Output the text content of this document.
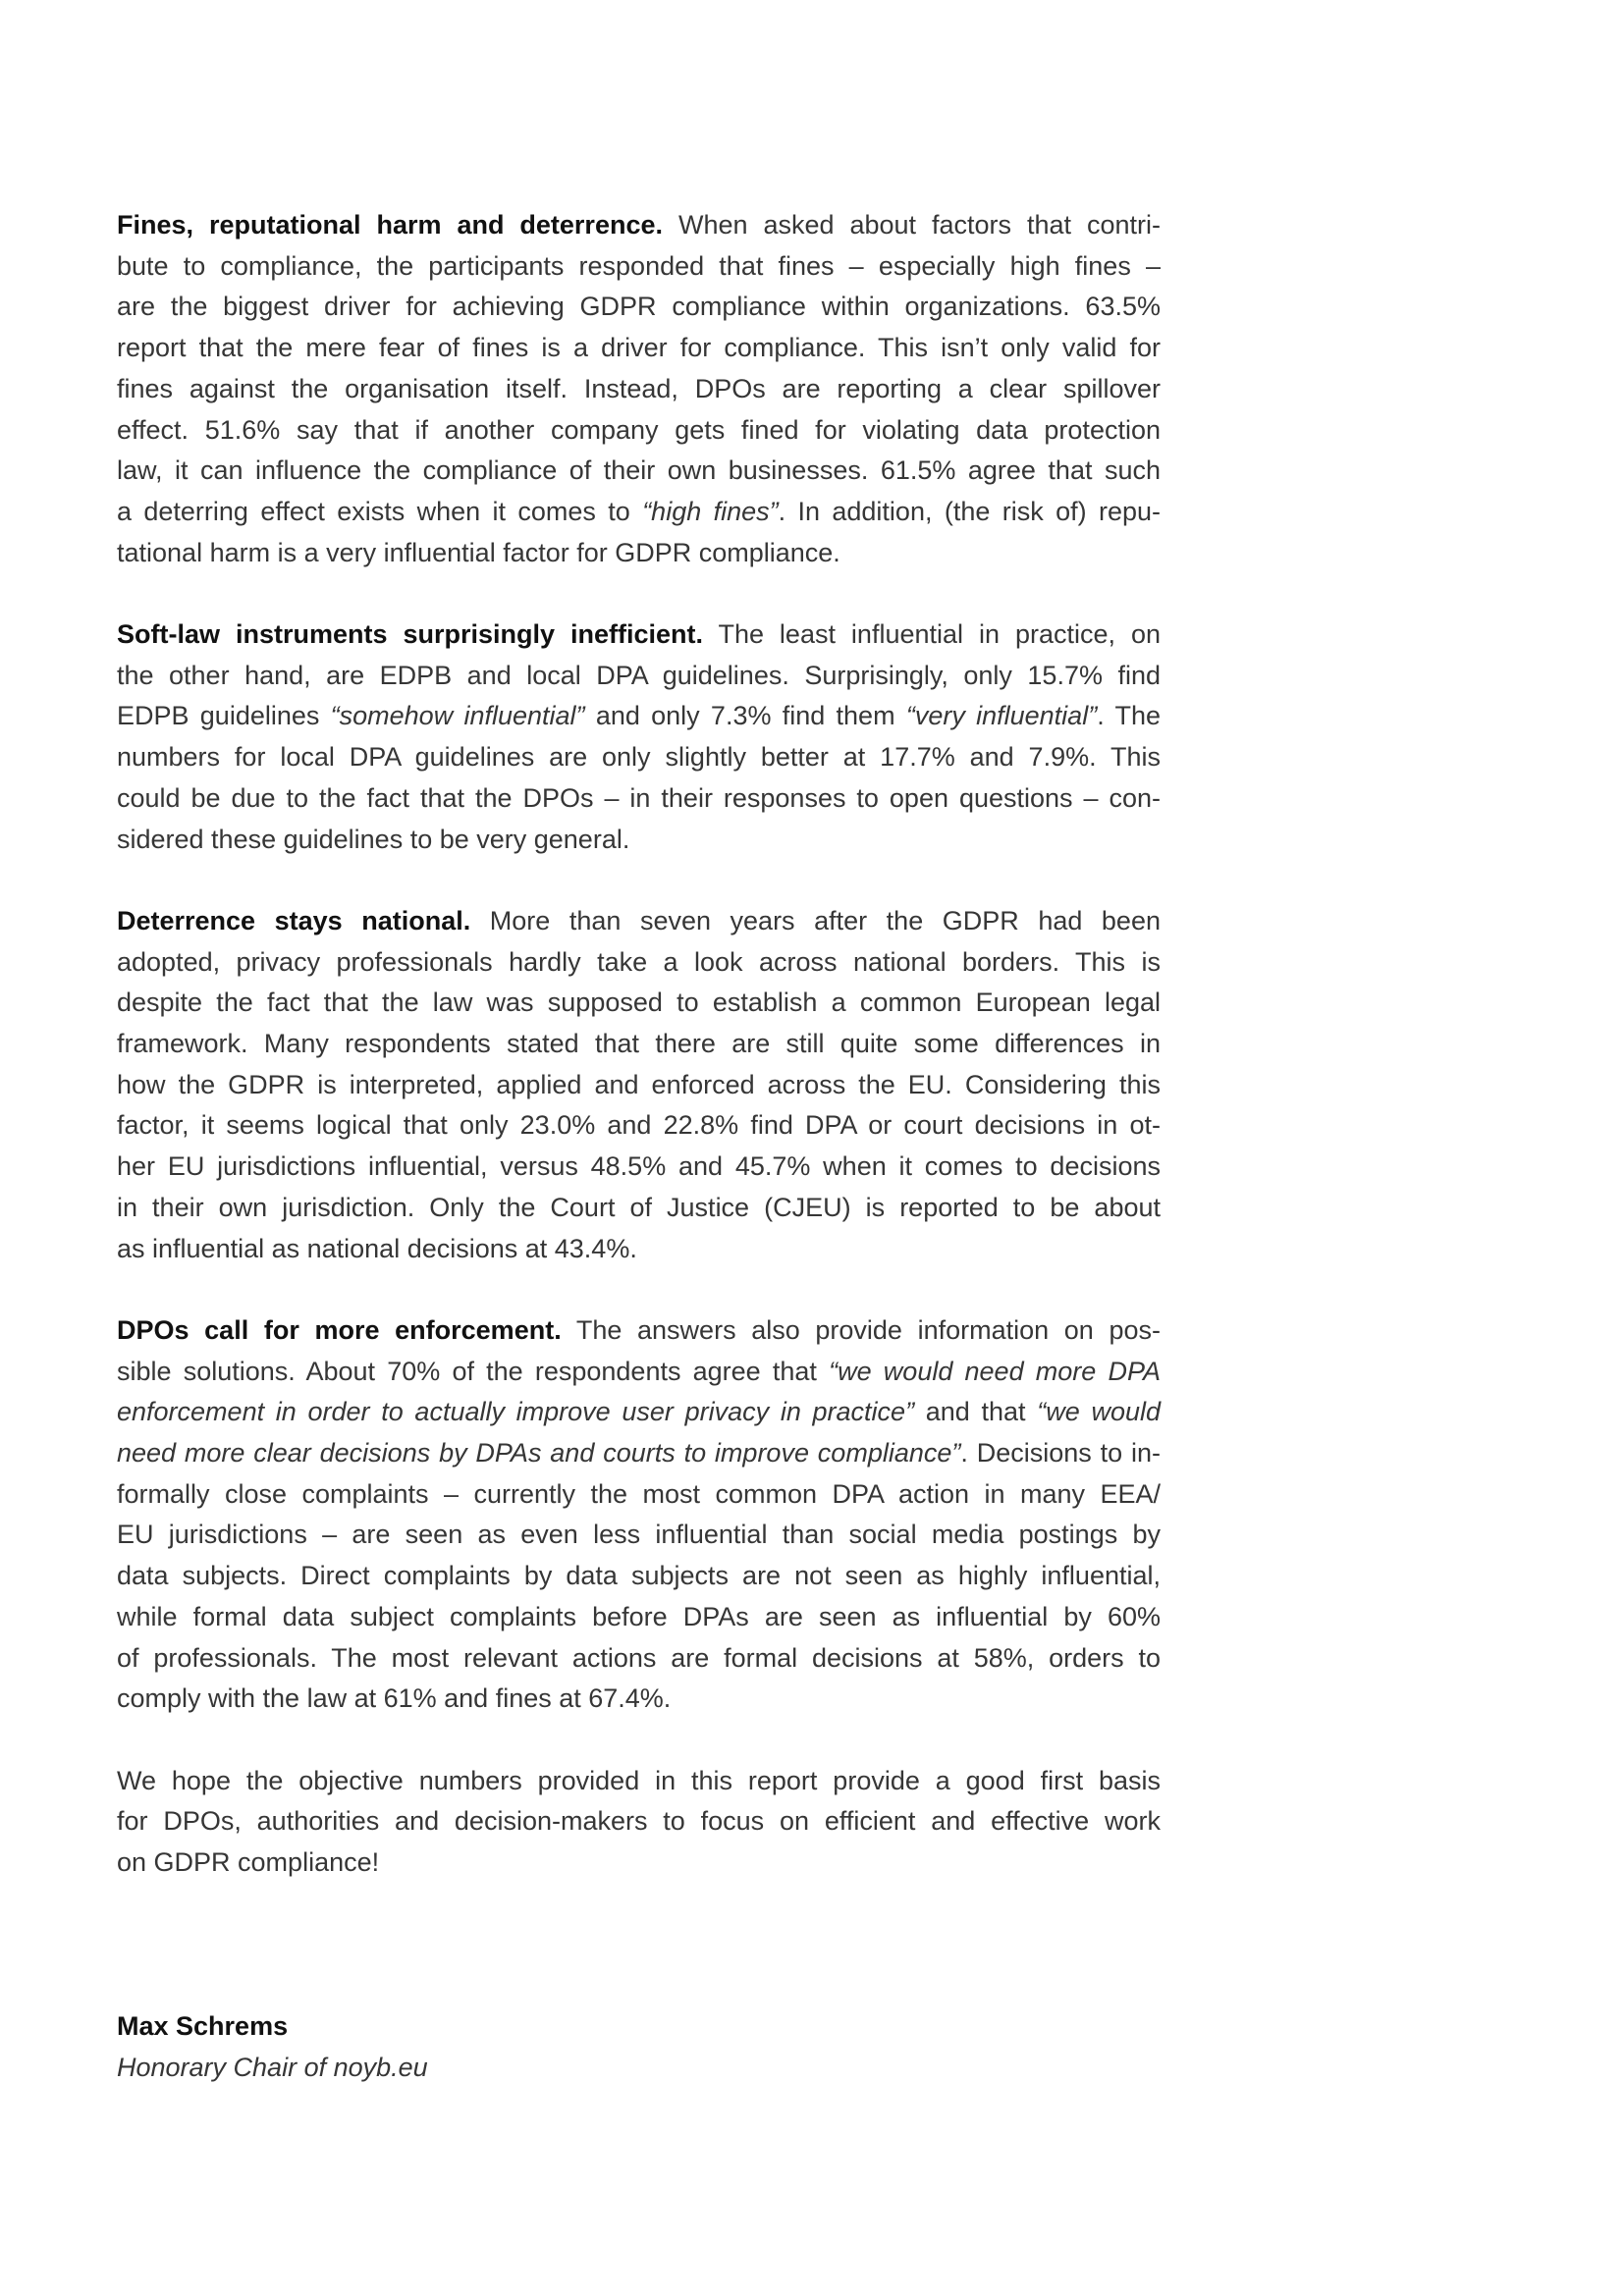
Fines, reputational harm and deterrence. When asked about factors that contri-
bute to compliance, the participants responded that fines – especially high fines –
are the biggest driver for achieving GDPR compliance within organizations. 63.5%
report that the mere fear of fines is a driver for compliance. This isn’t only valid for
fines against the organisation itself. Instead, DPOs are reporting a clear spillover
effect. 51.6% say that if another company gets fined for violating data protection
law, it can influence the compliance of their own businesses. 61.5% agree that such
a deterring effect exists when it comes to “high fines”. In addition, (the risk of) repu-
tational harm is a very influential factor for GDPR compliance.
Soft-law instruments surprisingly inefficient. The least influential in practice, on
the other hand, are EDPB and local DPA guidelines. Surprisingly, only 15.7% find
EDPB guidelines “somehow influential” and only 7.3% find them “very influential”. The
numbers for local DPA guidelines are only slightly better at 17.7% and 7.9%. This
could be due to the fact that the DPOs – in their responses to open questions – con-
sidered these guidelines to be very general.
Deterrence stays national. More than seven years after the GDPR had been
adopted, privacy professionals hardly take a look across national borders. This is
despite the fact that the law was supposed to establish a common European legal
framework. Many respondents stated that there are still quite some differences in
how the GDPR is interpreted, applied and enforced across the EU. Considering this
factor, it seems logical that only 23.0% and 22.8% find DPA or court decisions in ot-
her EU jurisdictions influential, versus 48.5% and 45.7% when it comes to decisions
in their own jurisdiction. Only the Court of Justice (CJEU) is reported to be about
as influential as national decisions at 43.4%.
DPOs call for more enforcement. The answers also provide information on pos-
sible solutions. About 70% of the respondents agree that “we would need more DPA
enforcement in order to actually improve user privacy in practice” and that “we would
need more clear decisions by DPAs and courts to improve compliance”. Decisions to in-
formally close complaints – currently the most common DPA action in many EEA/
EU jurisdictions – are seen as even less influential than social media postings by
data subjects. Direct complaints by data subjects are not seen as highly influential,
while formal data subject complaints before DPAs are seen as influential by 60%
of professionals. The most relevant actions are formal decisions at 58%, orders to
comply with the law at 61% and fines at 67.4%.
We hope the objective numbers provided in this report provide a good first basis
for DPOs, authorities and decision-makers to focus on efficient and effective work
on GDPR compliance!
Max Schrems
Honorary Chair of noyb.eu
